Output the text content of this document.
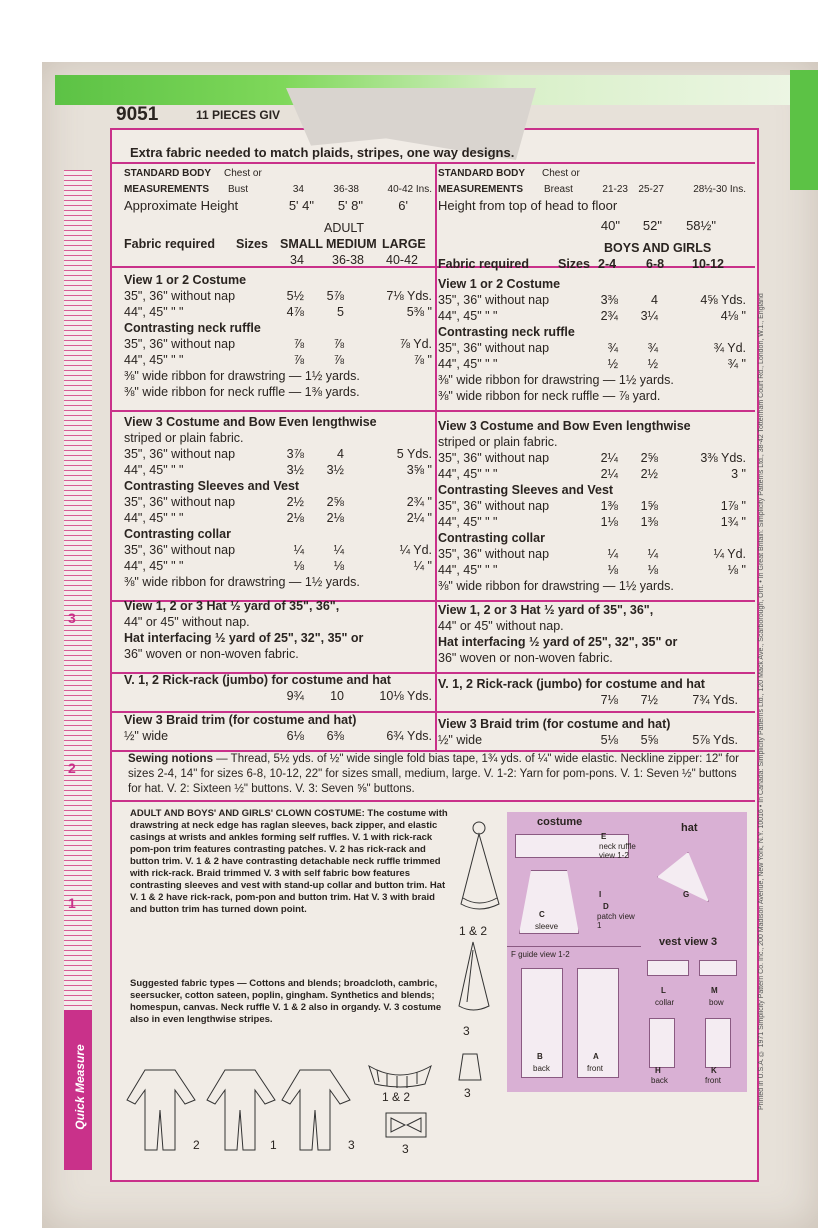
Quick Measure
3
2
1	Printed in U.S.A. © 1971 Simplicity Pattern Co. Inc., 200 Madison Avenue, New York, N.Y. 10016 • In Canada: Simplicity Patterns Ltd., 120 Mack Ave., Scarborough, Ont. • In Great Britain: Simplicity Patterns Ltd., 38-42 Tottenham Court Rd., London, W.1., England
9051	11 PIECES GIV
Extra fabric needed to match plaids, stripes, one way designs.
STANDARD BODY Chest or
MEASUREMENTS Bust	34	36-38	40-42 Ins.
Approximate Height	5' 4"	5' 8"	6'
ADULT
Fabric required Sizes SMALL MEDIUM LARGE
34 36-38 40-42
View 1 or 2 Costume
35", 36" without nap	5½	5⅞	7⅛ Yds.
44", 45" " "	4⅞	5	5⅜ "
Contrasting neck ruffle
35", 36" without nap	⅞	⅞	⅞ Yd.
44", 45" " "	⅞	⅞	⅞ "
⅜" wide ribbon for drawstring — 1½ yards.
⅜" wide ribbon for neck ruffle — 1⅜ yards.
View 3 Costume and Bow Even lengthwise
striped or plain fabric.
35", 36" without nap	3⅞	4	5 Yds.
44", 45" " "	3½	3½	3⅝ "
Contrasting Sleeves and Vest
35", 36" without nap	2½	2⅝	2¾ "
44", 45" " "	2⅛	2⅛	2¼ "
Contrasting collar
35", 36" without nap	¼	¼	¼ Yd.
44", 45" " "	⅛	⅛	¼ "
⅜" wide ribbon for drawstring — 1½ yards.
View 1, 2 or 3 Hat ½ yard of 35", 36",
44" or 45" without nap.
Hat interfacing ½ yard of 25", 32", 35" or
36" woven or non-woven fabric.
V. 1, 2 Rick-rack (jumbo) for costume and hat
9¾	10	10⅛ Yds.
View 3 Braid trim (for costume and hat)
½" wide	6⅛	6⅜	6¾ Yds.
STANDARD BODY Chest or
MEASUREMENTS Breast	21-23	25-27	28½-30 Ins.
Height from top of head to floor
40"	52"	58½"
BOYS AND GIRLS
Fabric required Sizes 2-4 6-8 10-12
View 1 or 2 Costume
35", 36" without nap	3⅜	4	4⅝ Yds.
44", 45" " "	2¾	3¼	4⅛ "
Contrasting neck ruffle
35", 36" without nap	¾	¾	¾ Yd.
44", 45" " "	½	½	¾ "
⅜" wide ribbon for drawstring — 1½ yards.
⅜" wide ribbon for neck ruffle — ⅞ yard.
View 3 Costume and Bow Even lengthwise
striped or plain fabric.
35", 36" without nap	2¼	2⅝	3⅜ Yds.
44", 45" " "	2¼	2½	3 "
Contrasting Sleeves and Vest
35", 36" without nap	1⅜	1⅝	1⅞ "
44", 45" " "	1⅛	1⅜	1¾ "
Contrasting collar
35", 36" without nap	¼	¼	¼ Yd.
44", 45" " "	⅛	⅛	⅛ "
⅜" wide ribbon for drawstring — 1½ yards.
View 1, 2 or 3 Hat ½ yard of 35", 36",
44" or 45" without nap.
Hat interfacing ½ yard of 25", 32", 35" or
36" woven or non-woven fabric.
V. 1, 2 Rick-rack (jumbo) for costume and hat
7⅛	7½	7¾ Yds.
View 3 Braid trim (for costume and hat)
½" wide	5⅛	5⅝	5⅞ Yds.
Sewing notions — Thread, 5½ yds. of ½" wide single fold bias tape, 1¾ yds. of ¼" wide elastic. Neckline zipper: 12" for sizes 2-4, 14" for sizes 6-8, 10-12, 22" for sizes small, medium, large. V. 1-2: Yarn for pom-pons. V. 1: Seven ½" buttons for hat. V. 2: Sixteen ½" buttons. V. 3: Seven ⅝" buttons.
ADULT AND BOYS' AND GIRLS' CLOWN COSTUME: The costume with drawstring at neck edge has raglan sleeves, back zipper, and elastic casings at wrists and ankles forming self ruffles. V. 1 with rick-rack pom-pon trim features contrasting patches. V. 2 has rick-rack and button trim. V. 1 & 2 have contrasting detachable neck ruffle trimmed with rick-rack. Braid trimmed V. 3 with self fabric bow features contrasting sleeves and vest with stand-up collar and button trim. Hat V. 1 & 2 have rick-rack, pom-pon and button trim. Hat V. 3 with braid and button trim has turned down point.
Suggested fabric types — Cottons and blends; broadcloth, cambric, seersucker, cotton sateen, poplin, gingham. Synthetics and blends; homespun, canvas. Neck ruffle V. 1 & 2 also in organdy. V. 3 costume also in even lengthwise stripes.
1 & 2
3
1 & 2	3
3
2	1	3
costume	hat
E
neck ruffle view 1-2
C
sleeve
I
D
patch view 1
G
F guide view 1-2
vest view 3
B
back
A
front
L
collar
M
bow
H
back
K
front
